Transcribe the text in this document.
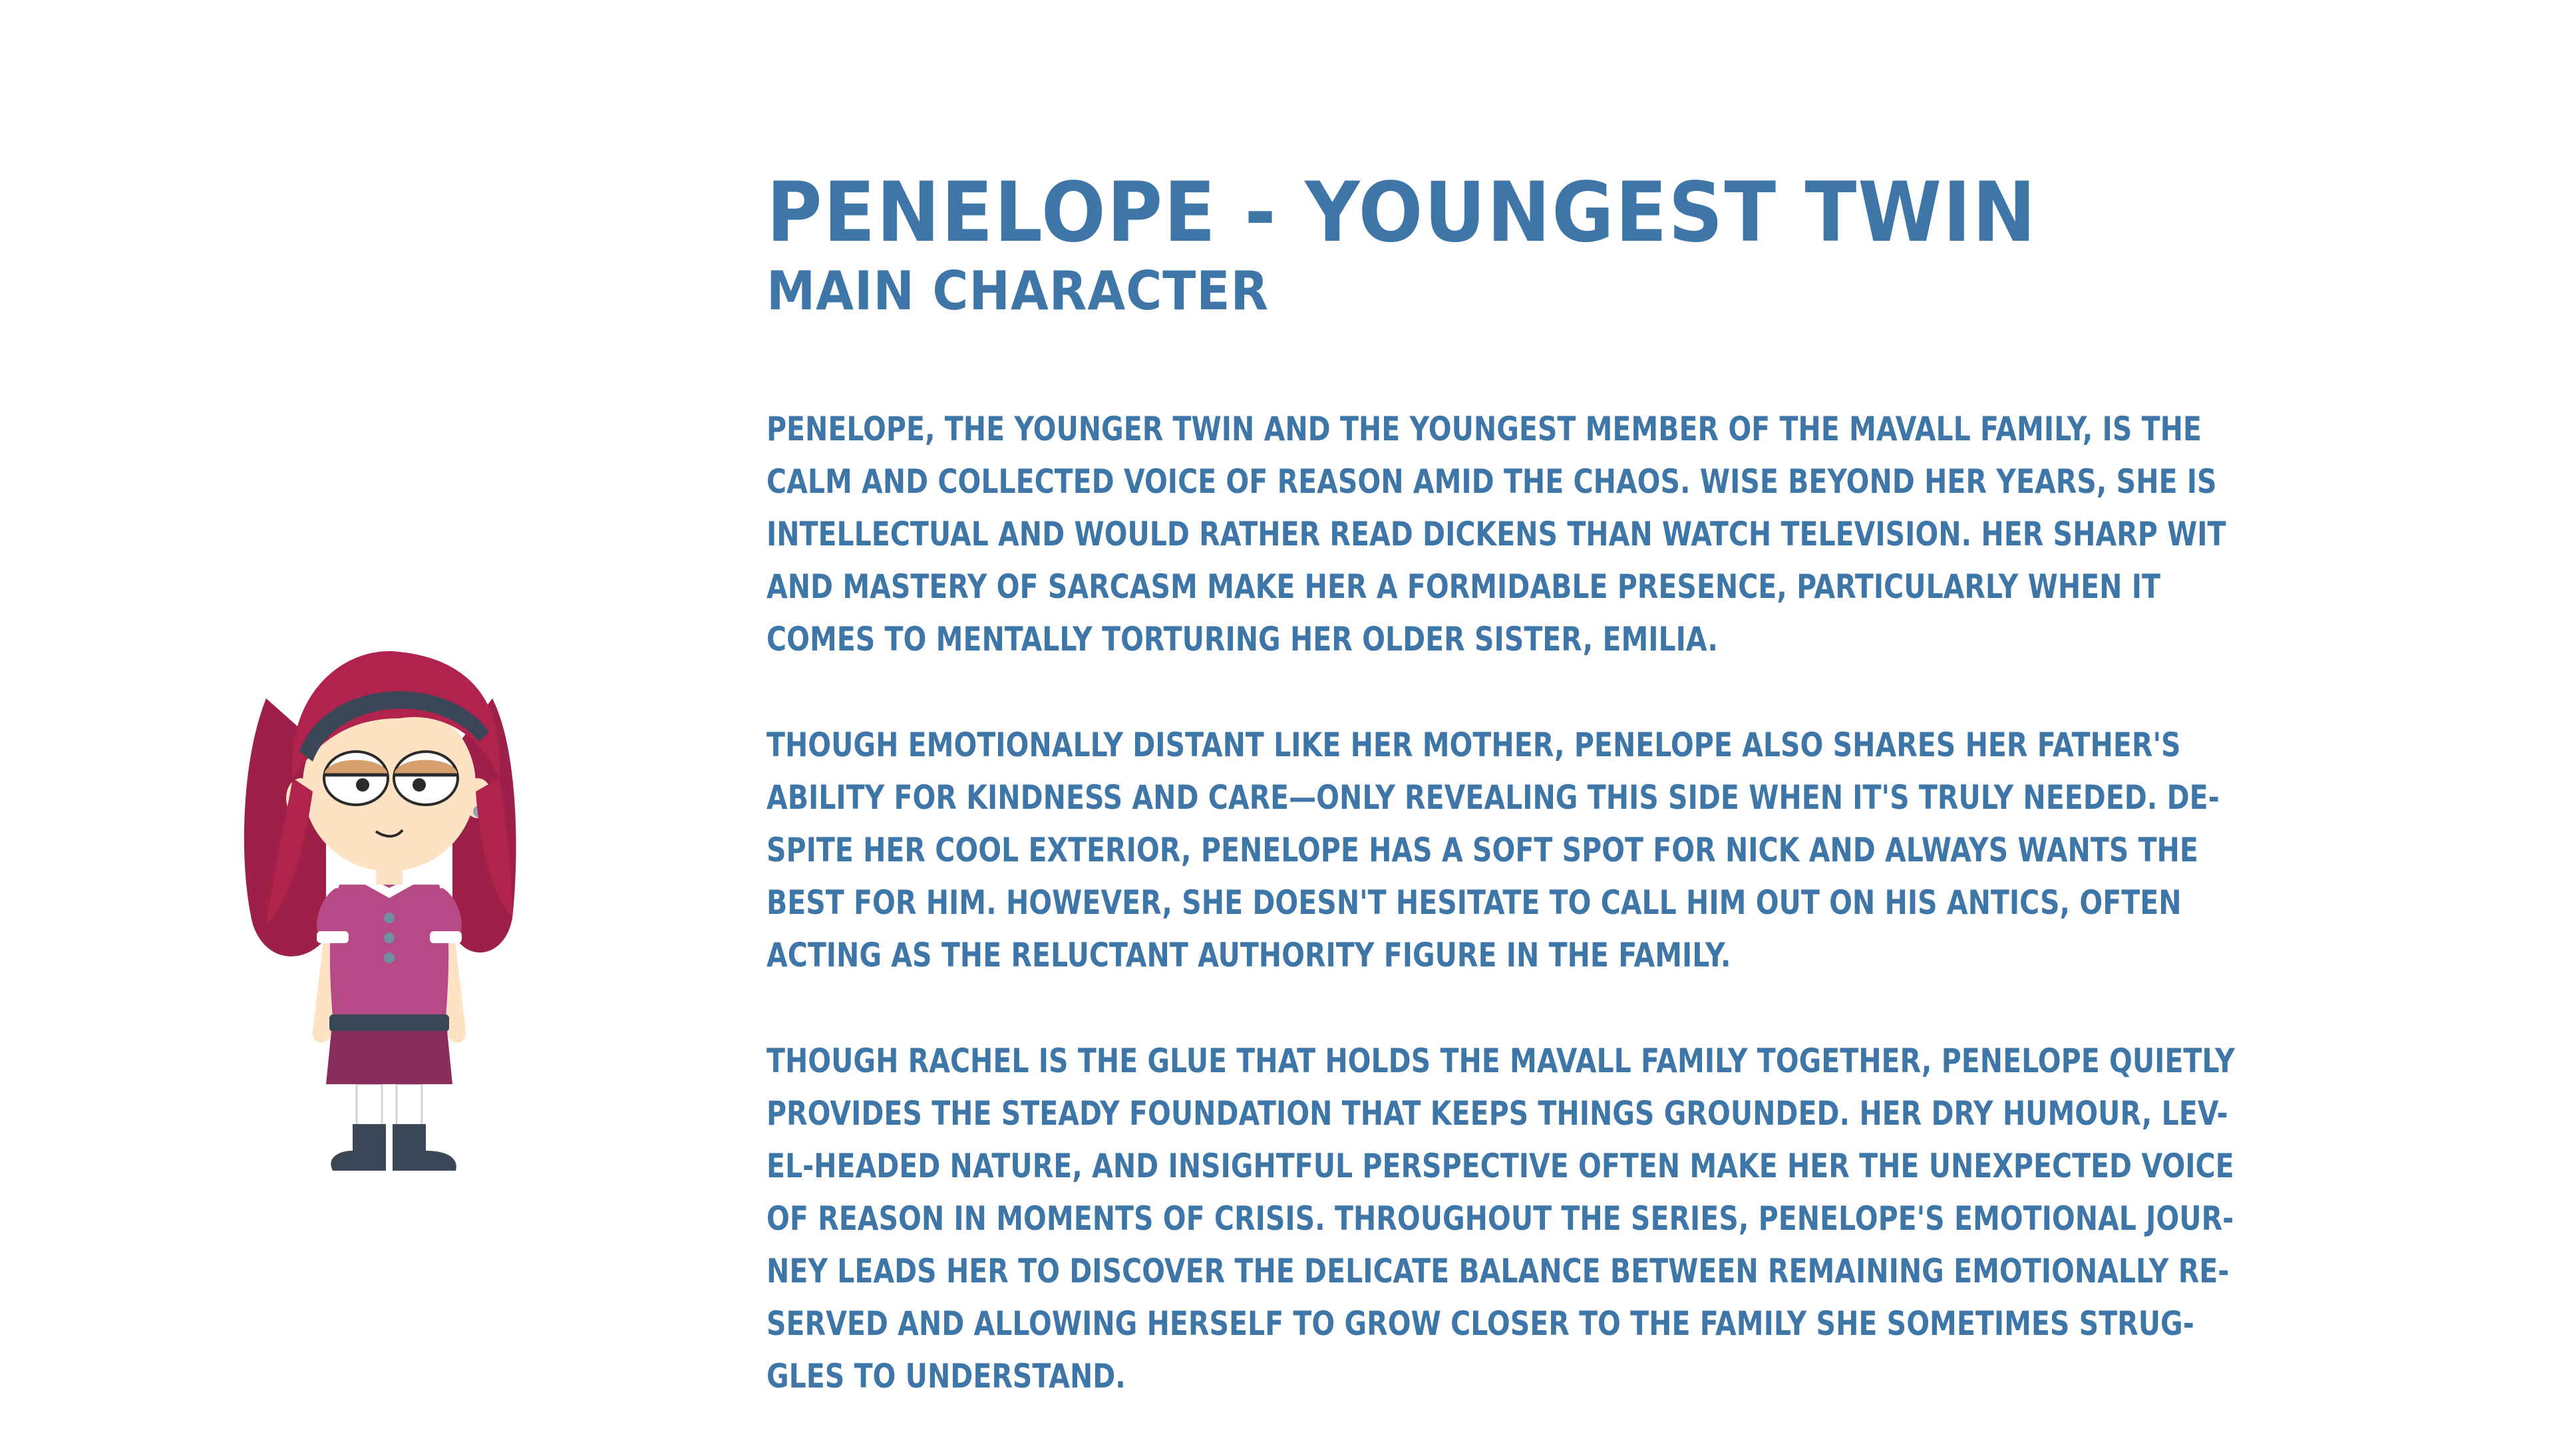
PENELOPE - YOUNGEST TWIN
MAIN CHARACTER
PENELOPE, THE YOUNGER TWIN AND THE YOUNGEST MEMBER OF THE MAVALL FAMILY, IS THE
CALM AND COLLECTED VOICE OF REASON AMID THE CHAOS. WISE BEYOND HER YEARS, SHE IS
INTELLECTUAL AND WOULD RATHER READ DICKENS THAN WATCH TELEVISION. HER SHARP WIT
AND MASTERY OF SARCASM MAKE HER A FORMIDABLE PRESENCE, PARTICULARLY WHEN IT
COMES TO MENTALLY TORTURING HER OLDER SISTER, EMILIA.
THOUGH EMOTIONALLY DISTANT LIKE HER MOTHER, PENELOPE ALSO SHARES HER FATHER'S
ABILITY FOR KINDNESS AND CARE—ONLY REVEALING THIS SIDE WHEN IT'S TRULY NEEDED. DE-
SPITE HER COOL EXTERIOR, PENELOPE HAS A SOFT SPOT FOR NICK AND ALWAYS WANTS THE
BEST FOR HIM. HOWEVER, SHE DOESN'T HESITATE TO CALL HIM OUT ON HIS ANTICS, OFTEN
ACTING AS THE RELUCTANT AUTHORITY FIGURE IN THE FAMILY.
THOUGH RACHEL IS THE GLUE THAT HOLDS THE MAVALL FAMILY TOGETHER, PENELOPE QUIETLY
PROVIDES THE STEADY FOUNDATION THAT KEEPS THINGS GROUNDED. HER DRY HUMOUR, LEV-
EL-HEADED NATURE, AND INSIGHTFUL PERSPECTIVE OFTEN MAKE HER THE UNEXPECTED VOICE
OF REASON IN MOMENTS OF CRISIS. THROUGHOUT THE SERIES, PENELOPE'S EMOTIONAL JOUR-
NEY LEADS HER TO DISCOVER THE DELICATE BALANCE BETWEEN REMAINING EMOTIONALLY RE-
SERVED AND ALLOWING HERSELF TO GROW CLOSER TO THE FAMILY SHE SOMETIMES STRUG-
GLES TO UNDERSTAND.
